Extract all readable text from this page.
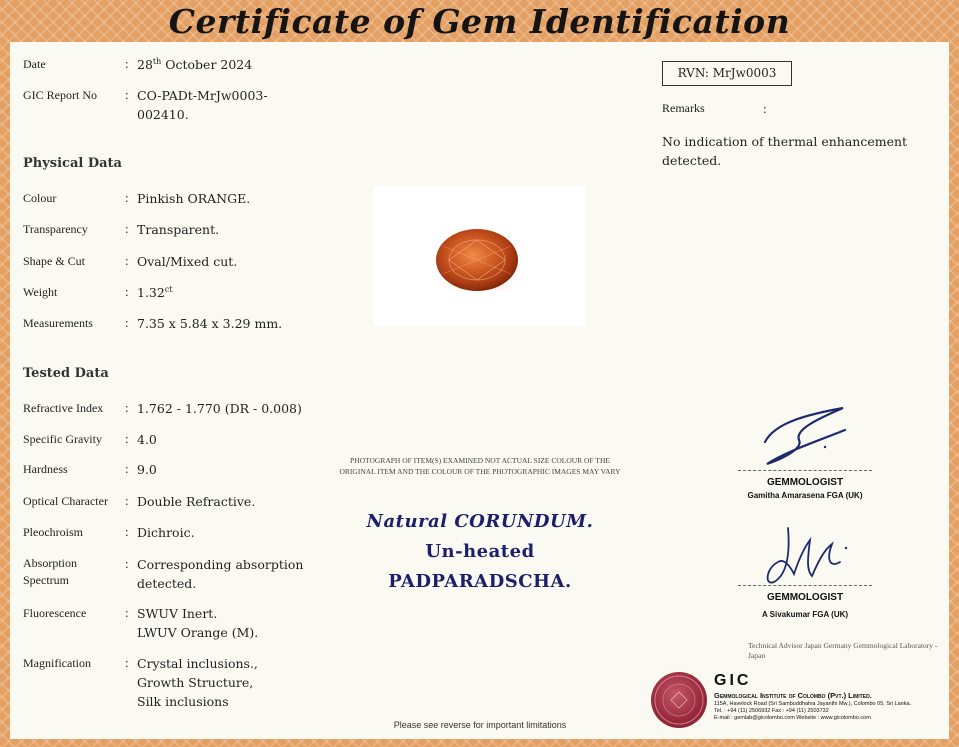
Certificate of Gem Identification
Date	: 28th October 2024
GIC Report No	: CO-PADt-MrJw0003-
002410.
Physical Data
Colour	: Pinkish ORANGE.
Transparency	: Transparent.
Shape & Cut	: Oval/Mixed cut.
Weight	: $1.32^{ct}$
Measurements	: 7.35 x 5.84 x 3.29 mm.
Tested Data
Refractive Index	: 1.762 - 1.770 (DR - 0.008)
Specific Gravity	: 4.0
Hardness	: 9.0
Optical Character	: Double Refractive.
Pleochroism	: Dichroic.
Absorption Spectrum
: Corresponding absorption
detected.
Fluorescence	: SWUV Inert.
LWUV Orange (M).
Magnification	: Crystal inclusions.,
Growth Structure,
Silk inclusions
PHOTOGRAPH OF ITEM(S) EXAMINED NOT ACTUAL SIZE COLOUR OF THE
ORIGINAL ITEM AND THE COLOUR OF THE PHOTOGRAPHIC IMAGES MAY VARY
Natural CORUNDUM.
Un-heated
PADPARADSCHA.
RVN: MrJw0003
Remarks	:
No indication of thermal enhancement detected.
GEMMOLOGIST
Gamitha Amarasena FGA (UK)
GEMMOLOGIST
A Sivakumar FGA (UK)
Technical Advisor Japan Germany Gemmological Laboratory - Japan
GIC
Gemmological Institute of Colombo (Pvt.) Limited.
115A, Havelock Road (Sri Sambuddhatva Jayanthi Mw.), Colombo 05, Sri Lanka.
Tel. : +94 (11) 2506932 Fax : +94 (11) 2503732
E-mail : gemlab@gicolombo.com Website : www.gicolombo.com
Please see reverse for important limitations
